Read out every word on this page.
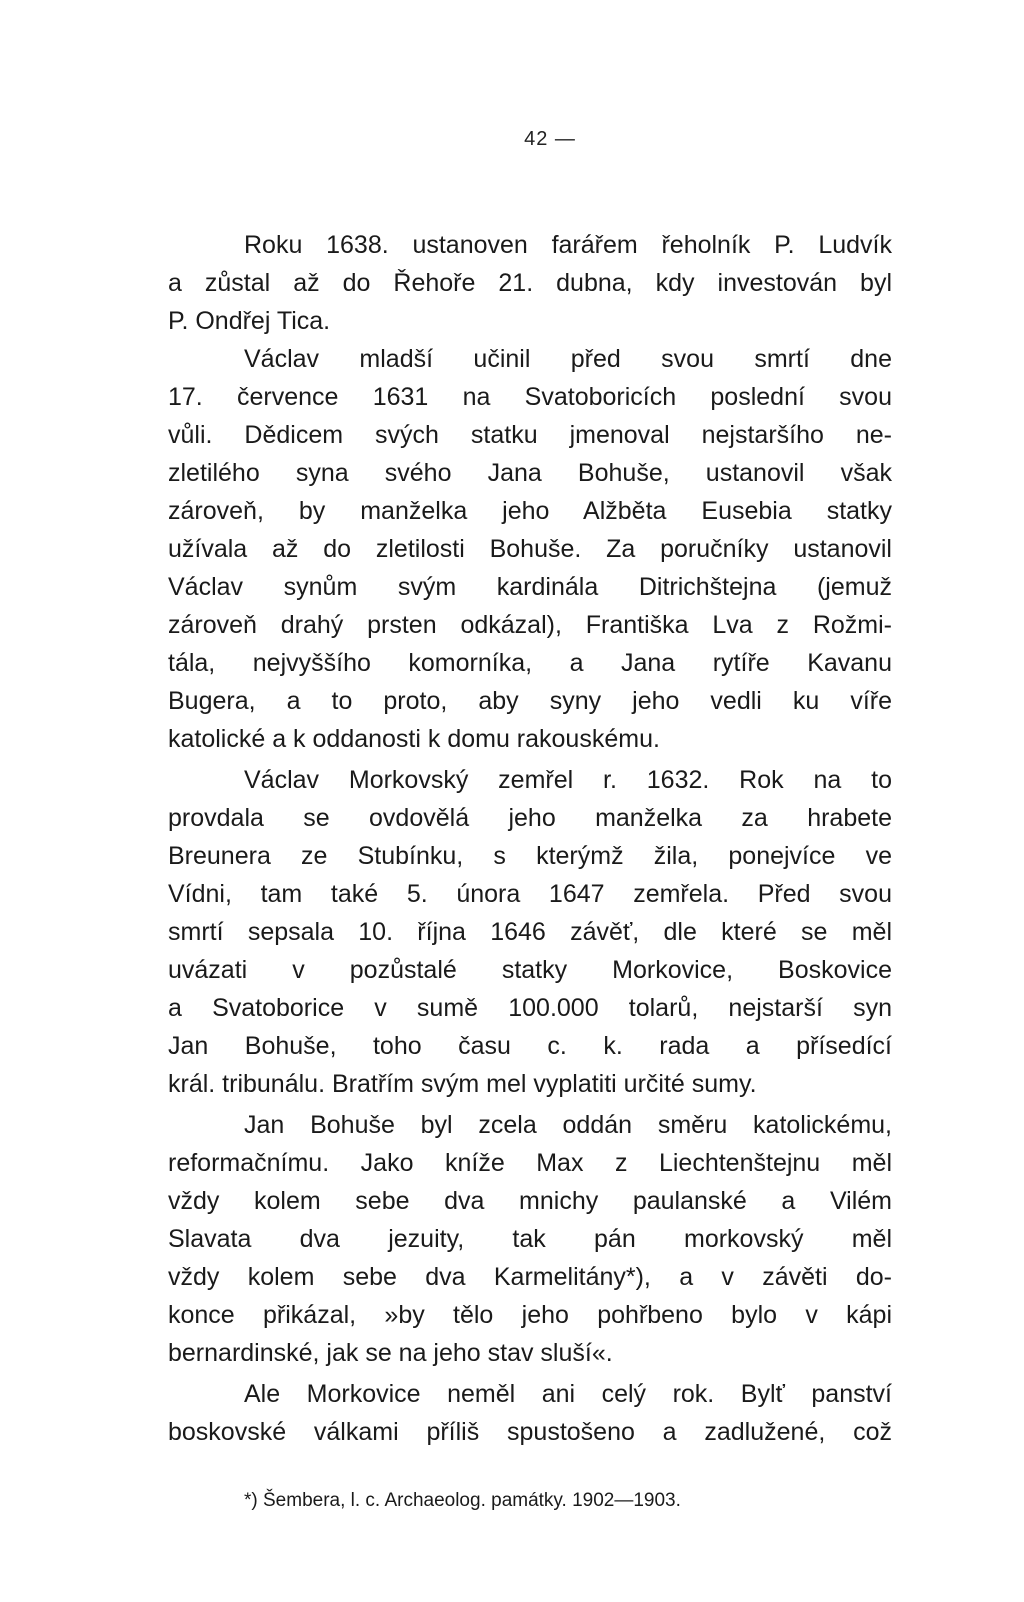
42 —
Roku 1638. ustanoven farářem řeholník P. Ludvík
a zůstal až do Řehoře 21. dubna, kdy investován byl
P. Ondřej Tica.
Václav mladší učinil před svou smrtí dne
17. července 1631 na Svatoboricích poslední svou
vůli. Dědicem svých statku jmenoval nejstaršího ne-
zletilého syna svého Jana Bohuše, ustanovil však
zároveň, by manželka jeho Alžběta Eusebia statky
užívala až do zletilosti Bohuše. Za poručníky ustanovil
Václav synům svým kardinála Ditrichštejna (jemuž
zároveň drahý prsten odkázal), Františka Lva z Rožmi-
tála, nejvyššího komorníka, a Jana rytíře Kavanu
Bugera, a to proto, aby syny jeho vedli ku víře
katolické a k oddanosti k domu rakouskému.
Václav Morkovský zemřel r. 1632. Rok na to
provdala se ovdovělá jeho manželka za hrabete
Breunera ze Stubínku, s kterýmž žila, ponejvíce ve
Vídni, tam také 5. února 1647 zemřela. Před svou
smrtí sepsala 10. října 1646 závěť, dle které se měl
uvázati v pozůstalé statky Morkovice, Boskovice
a Svatoborice v sumě 100.000 tolarů, nejstarší syn
Jan Bohuše, toho času c. k. rada a přísedící
král. tribunálu. Bratřím svým mel vyplatiti určité sumy.
Jan Bohuše byl zcela oddán směru katolickému,
reformačnímu. Jako kníže Max z Liechtenštejnu měl
vždy kolem sebe dva mnichy paulanské a Vilém
Slavata dva jezuity, tak pán morkovský měl
vždy kolem sebe dva Karmelitány*), a v závěti do-
konce přikázal, »by tělo jeho pohřbeno bylo v kápi
bernardinské, jak se na jeho stav sluší«.
Ale Morkovice neměl ani celý rok. Bylť panství
boskovské válkami příliš spustošeno a zadlužené, což
*) Šembera, l. c. Archaeolog. památky. 1902—1903.
